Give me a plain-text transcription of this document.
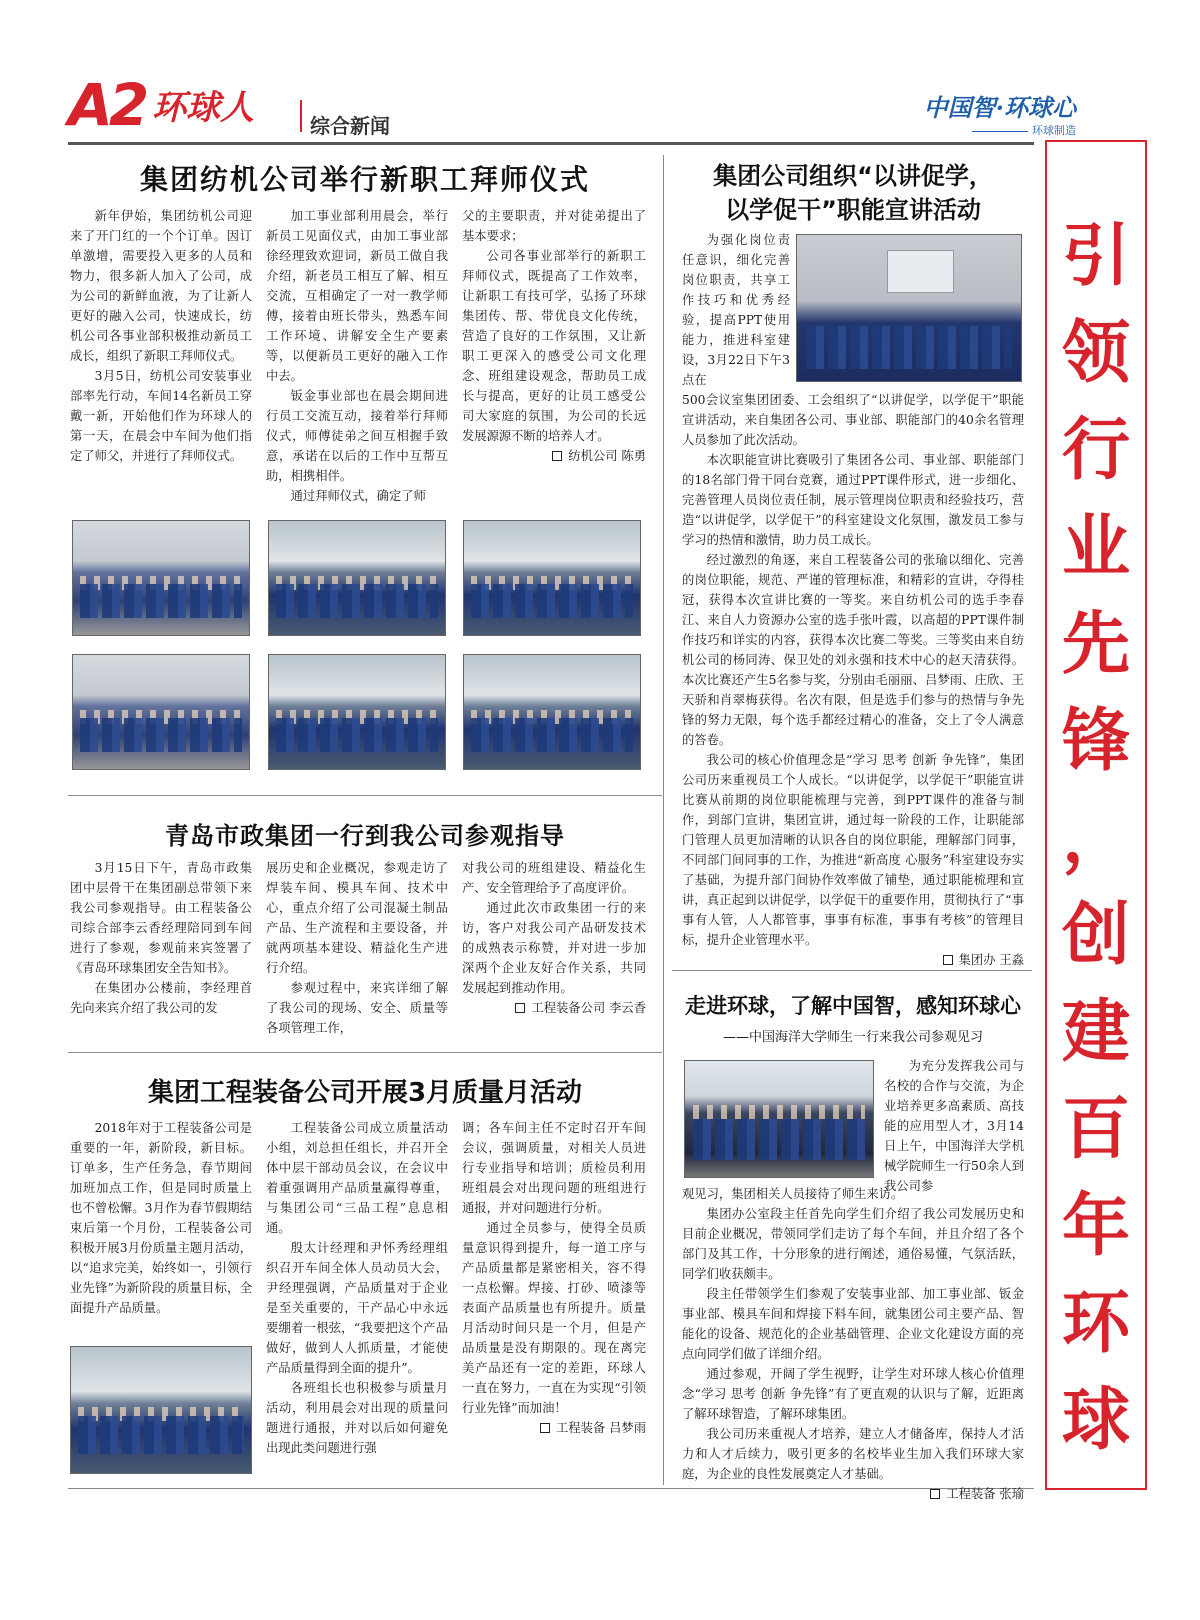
A2 环球人	综合新闻
中国智·环球心
环球制造
引
领
行
业
先
锋
，
创
建
百
年
环
球
集团纺机公司举行新职工拜师仪式

新年伊始，集团纺机公司迎来了开门红的一个个订单。因订单激增，需要投入更多的人员和物力，很多新人加入了公司，成为公司的新鲜血液，为了让新人更好的融入公司，快速成长，纺机公司各事业部积极推动新员工成长，组织了新职工拜师仪式。

3月5日，纺机公司安装事业部率先行动，车间14名新员工穿戴一新，开始他们作为环球人的第一天，在晨会中车间为他们指定了师父，并进行了拜师仪式。

加工事业部利用晨会，举行新员工见面仪式，由加工事业部徐经理致欢迎词，新员工做自我介绍，新老员工相互了解、相互交流，互相确定了一对一教学师傅，接着由班长带头，熟悉车间工作环境、讲解安全生产要素等，以便新员工更好的融入工作中去。

钣金事业部也在晨会期间进行员工交流互动，接着举行拜师仪式，师傅徒弟之间互相握手致意，承诺在以后的工作中互帮互助，相携相伴。

通过拜师仪式，确定了师

父的主要职责，并对徒弟提出了基本要求；

公司各事业部举行的新职工拜师仪式，既提高了工作效率，让新职工有技可学，弘扬了环球集团传、帮、带优良文化传统，营造了良好的工作氛围，又让新职工更深入的感受公司文化理念、班组建设观念，帮助员工成长与提高，更好的让员工感受公司大家庭的氛围，为公司的长远发展源源不断的培养人才。

纺机公司 陈勇

集团公司组织“以讲促学，
以学促干”职能宣讲活动

为强化岗位责任意识，细化完善岗位职责，共享工作技巧和优秀经验，提高PPT使用能力，推进科室建设，3月22日下午3点在

500会议室集团团委、工会组织了“以讲促学，以学促干”职能宣讲活动，来自集团各公司、事业部、职能部门的40余名管理人员参加了此次活动。

本次职能宣讲比赛吸引了集团各公司、事业部、职能部门的18名部门骨干同台竞赛，通过PPT课件形式，进一步细化、完善管理人员岗位责任制，展示管理岗位职责和经验技巧，营造“以讲促学，以学促干”的科室建设文化氛围，激发员工参与学习的热情和激情，助力员工成长。

经过激烈的角逐，来自工程装备公司的张瑜以细化、完善的岗位职能，规范、严谨的管理标准，和精彩的宣讲，夺得桂冠，获得本次宣讲比赛的一等奖。来自纺机公司的选手李春江、来自人力资源办公室的选手张叶霞，以高超的PPT课件制作技巧和详实的内容，获得本次比赛二等奖。三等奖由来自纺机公司的杨同涛、保卫处的刘永强和技术中心的赵天清获得。本次比赛还产生5名参与奖，分别由毛丽丽、吕梦雨、庄欣、王天骄和肖翠梅获得。名次有限，但是选手们参与的热情与争先锋的努力无限，每个选手都经过精心的准备，交上了令人满意的答卷。

我公司的核心价值理念是“学习 思考 创新 争先锋”，集团公司历来重视员工个人成长。“以讲促学，以学促干”职能宣讲比赛从前期的岗位职能梳理与完善，到PPT课件的准备与制作，到部门宣讲，集团宣讲，通过每一阶段的工作，让职能部门管理人员更加清晰的认识各自的岗位职能，理解部门同事，不同部门间同事的工作，为推进“新高度 心服务”科室建设夯实了基础，为提升部门间协作效率做了铺垫，通过职能梳理和宣讲，真正起到以讲促学，以学促干的重要作用，贯彻执行了“事事有人管，人人都管事，事事有标准，事事有考核”的管理目标，提升企业管理水平。

集团办 王淼

青岛市政集团一行到我公司参观指导

3月15日下午，青岛市政集团中层骨干在集团副总带领下来我公司参观指导。由工程装备公司综合部李云香经理陪同到车间进行了参观，参观前来宾签署了《青岛环球集团安全告知书》。

在集团办公楼前，李经理首先向来宾介绍了我公司的发

展历史和企业概况，参观走访了焊装车间、模具车间、技术中心，重点介绍了公司混凝土制品产品、生产流程和主要设备，并就两项基本建设、精益化生产进行介绍。

参观过程中，来宾详细了解了我公司的现场、安全、质量等各项管理工作，

对我公司的班组建设、精益化生产、安全管理给予了高度评价。

通过此次市政集团一行的来访，客户对我公司产品研发技术的成熟表示称赞，并对进一步加深两个企业友好合作关系，共同发展起到推动作用。

工程装备公司 李云香

集团工程装备公司开展3月质量月活动

2018年对于工程装备公司是重要的一年，新阶段，新目标。订单多，生产任务急，春节期间加班加点工作，但是同时质量上也不曾松懈。3月作为春节假期结束后第一个月份，工程装备公司积极开展3月份质量主题月活动，以“追求完美，始终如一，引领行业先锋”为新阶段的质量目标，全面提升产品质量。

工程装备公司成立质量活动小组，刘总担任组长，并召开全体中层干部动员会议，在会议中着重强调用产品质量赢得尊重，与集团公司“三品工程”息息相通。

殷太计经理和尹怀秀经理组织召开车间全体人员动员大会，尹经理强调，产品质量对于企业是至关重要的，干产品心中永远要绷着一根弦，“我要把这个产品做好，做到人人抓质量，才能使产品质量得到全面的提升”。

各班组长也积极参与质量月活动，利用晨会对出现的质量问题进行通报，并对以后如何避免出现此类问题进行强

调；各车间主任不定时召开车间会议，强调质量，对相关人员进行专业指导和培训；质检员利用班组晨会对出现问题的班组进行通报，并对问题进行分析。

通过全员参与，使得全员质量意识得到提升，每一道工序与产品质量都是紧密相关，容不得一点松懈。焊接、打砂、喷漆等表面产品质量也有所提升。质量月活动时间只是一个月，但是产品质量是没有期限的。现在离完美产品还有一定的差距，环球人一直在努力，一直在为实现“引领行业先锋”而加油！

工程装备 吕梦雨

走进环球，了解中国智，感知环球心
——中国海洋大学师生一行来我公司参观见习

为充分发挥我公司与名校的合作与交流，为企业培养更多高素质、高技能的应用型人才，3月14日上午，中国海洋大学机械学院师生一行50余人到我公司参

观见习，集团相关人员接待了师生来访。

集团办公室段主任首先向学生们介绍了我公司发展历史和目前企业概况，带领同学们走访了每个车间，并且介绍了各个部门及其工作，十分形象的进行阐述，通俗易懂，气氛活跃，同学们收获颇丰。

段主任带领学生们参观了安装事业部、加工事业部、钣金事业部、模具车间和焊接下料车间，就集团公司主要产品、智能化的设备、规范化的企业基础管理、企业文化建设方面的亮点向同学们做了详细介绍。

通过参观，开阔了学生视野，让学生对环球人核心价值理念“学习 思考 创新 争先锋”有了更直观的认识与了解，近距离了解环球智造，了解环球集团。

我公司历来重视人才培养，建立人才储备库，保持人才活力和人才后续力，吸引更多的名校毕业生加入我们环球大家庭，为企业的良性发展奠定人才基础。

工程装备 张瑜
